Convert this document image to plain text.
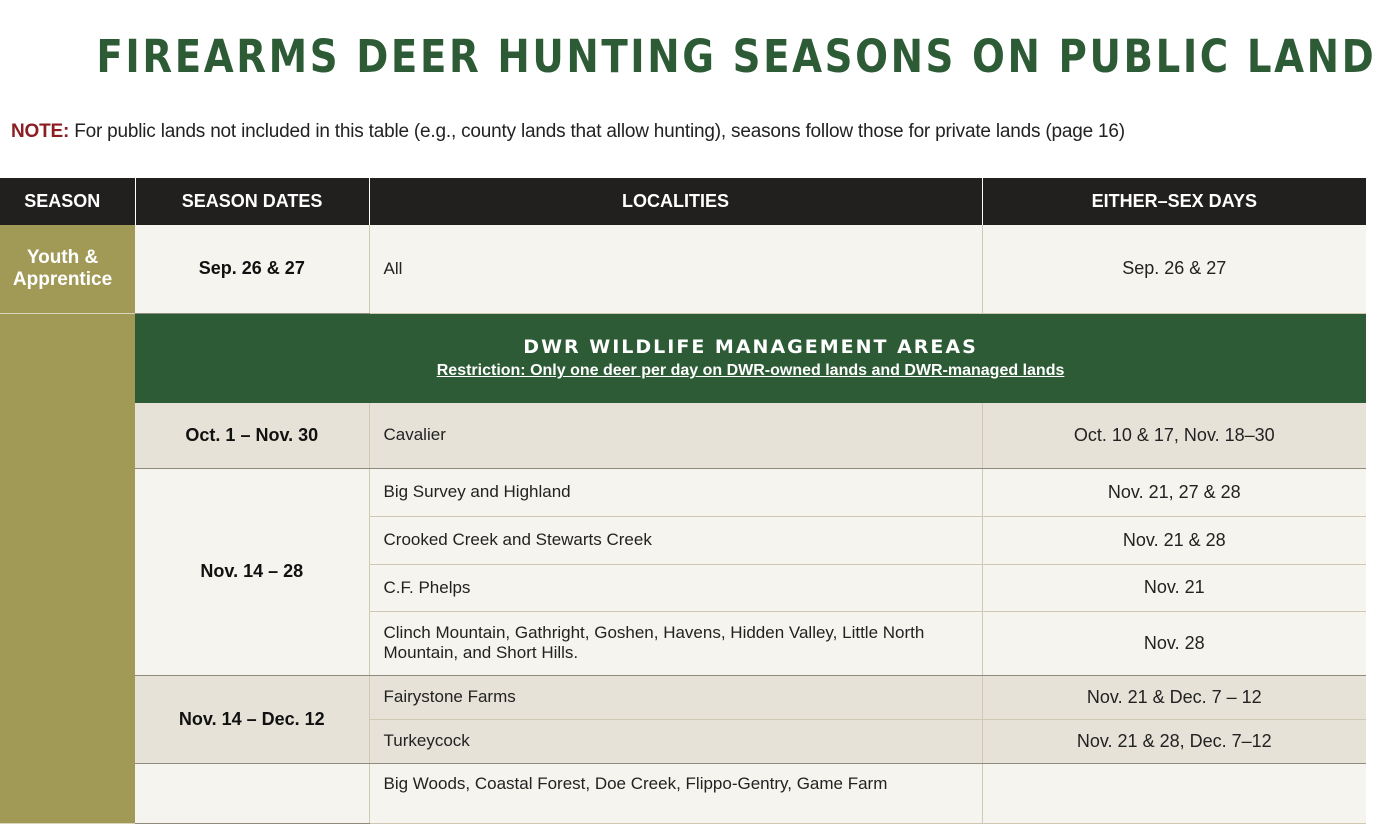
FIREARMS DEER HUNTING SEASONS ON PUBLIC LAND
NOTE: For public lands not included in this table (e.g., county lands that allow hunting), seasons follow those for private lands (page 16)
SEASON	SEASON DATES	LOCALITIES	EITHER–SEX DAYS

Youth &
Apprentice	Sep. 26 & 27	All	Sep. 26 & 27

	DWR WILDLIFE MANAGEMENT AREAS
Restriction: Only one deer per day on DWR-owned lands and DWR-managed lands		

	Oct. 1 – Nov. 30	Cavalier	Oct. 10 & 17, Nov. 18–30
	Nov. 14 – 28	Big Survey and Highland	Nov. 21, 27 & 28
		Crooked Creek and Stewarts Creek	Nov. 21 & 28
		C.F. Phelps	Nov. 21
		Clinch Mountain, Gathright, Goshen, Havens, Hidden Valley, Little North Mountain, and Short Hills.	Nov. 28
	Nov. 14 – Dec. 12	Fairystone Farms	Nov. 21 & Dec. 7 – 12
		Turkeycock	Nov. 21 & 28, Dec. 7–12
		Big Woods, Coastal Forest, Doe Creek, Flippo-Gentry, Game Farm	
